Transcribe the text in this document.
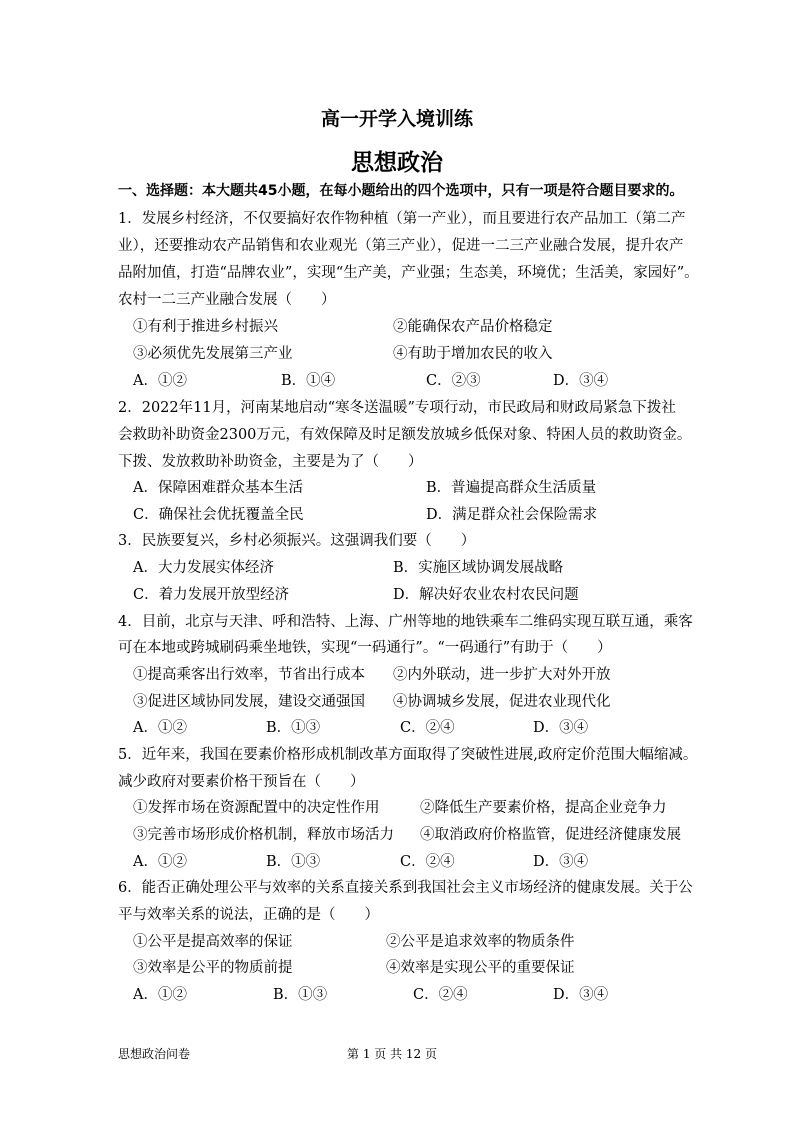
高一开学入境训练
思想政治
一、选择题：本大题共45小题，在每小题给出的四个选项中，只有一项是符合题目要求的。
1．发展乡村经济，不仅要搞好农作物种植（第一产业），而且要进行农产品加工（第二产
业），还要推动农产品销售和农业观光（第三产业），促进一二三产业融合发展，提升农产
品附加值，打造“品牌农业”，实现“生产美，产业强；生态美，环境优；生活美，家园好”。
农村一二三产业融合发展（　　）
①有利于推进乡村振兴	②能确保农产品价格稳定
③必须优先发展第三产业	④有助于增加农民的收入
A．①②	B．①④	C．②③	D．③④
2．2022年11月，河南某地启动“寒冬送温暖”专项行动，市民政局和财政局紧急下拨社
会救助补助资金2300万元，有效保障及时足额发放城乡低保对象、特困人员的救助资金。
下拨、发放救助补助资金，主要是为了（　　）
A．保障困难群众基本生活	B．普遍提高群众生活质量
C．确保社会优抚覆盖全民	D．满足群众社会保险需求
3．民族要复兴，乡村必须振兴。这强调我们要（　　）
A．大力发展实体经济	B．实施区域协调发展战略
C．着力发展开放型经济	D．解决好农业农村农民问题
4．目前，北京与天津、呼和浩特、上海、广州等地的地铁乘车二维码实现互联互通，乘客
可在本地或跨城刷码乘坐地铁，实现“一码通行”。“一码通行”有助于（　　）
①提高乘客出行效率，节省出行成本 ②内外联动，进一步扩大对外开放
③促进区域协同发展，建设交通强国 ④协调城乡发展，促进农业现代化
A．①②	B．①③	C．②④	D．③④
5．近年来，我国在要素价格形成机制改革方面取得了突破性进展,政府定价范围大幅缩减。
减少政府对要素价格干预旨在（　　）
①发挥市场在资源配置中的决定性作用	②降低生产要素价格，提高企业竞争力
③完善市场形成价格机制，释放市场活力 ④取消政府价格监管，促进经济健康发展
A．①②	B．①③	C．②④	D．③④
6．能否正确处理公平与效率的关系直接关系到我国社会主义市场经济的健康发展。关于公
平与效率关系的说法，正确的是（　　）
①公平是提高效率的保证	②公平是追求效率的物质条件
③效率是公平的物质前提	④效率是实现公平的重要保证
A．①②	B．①③	C．②④	D．③④
思想政治问卷	第 1 页 共 12 页
